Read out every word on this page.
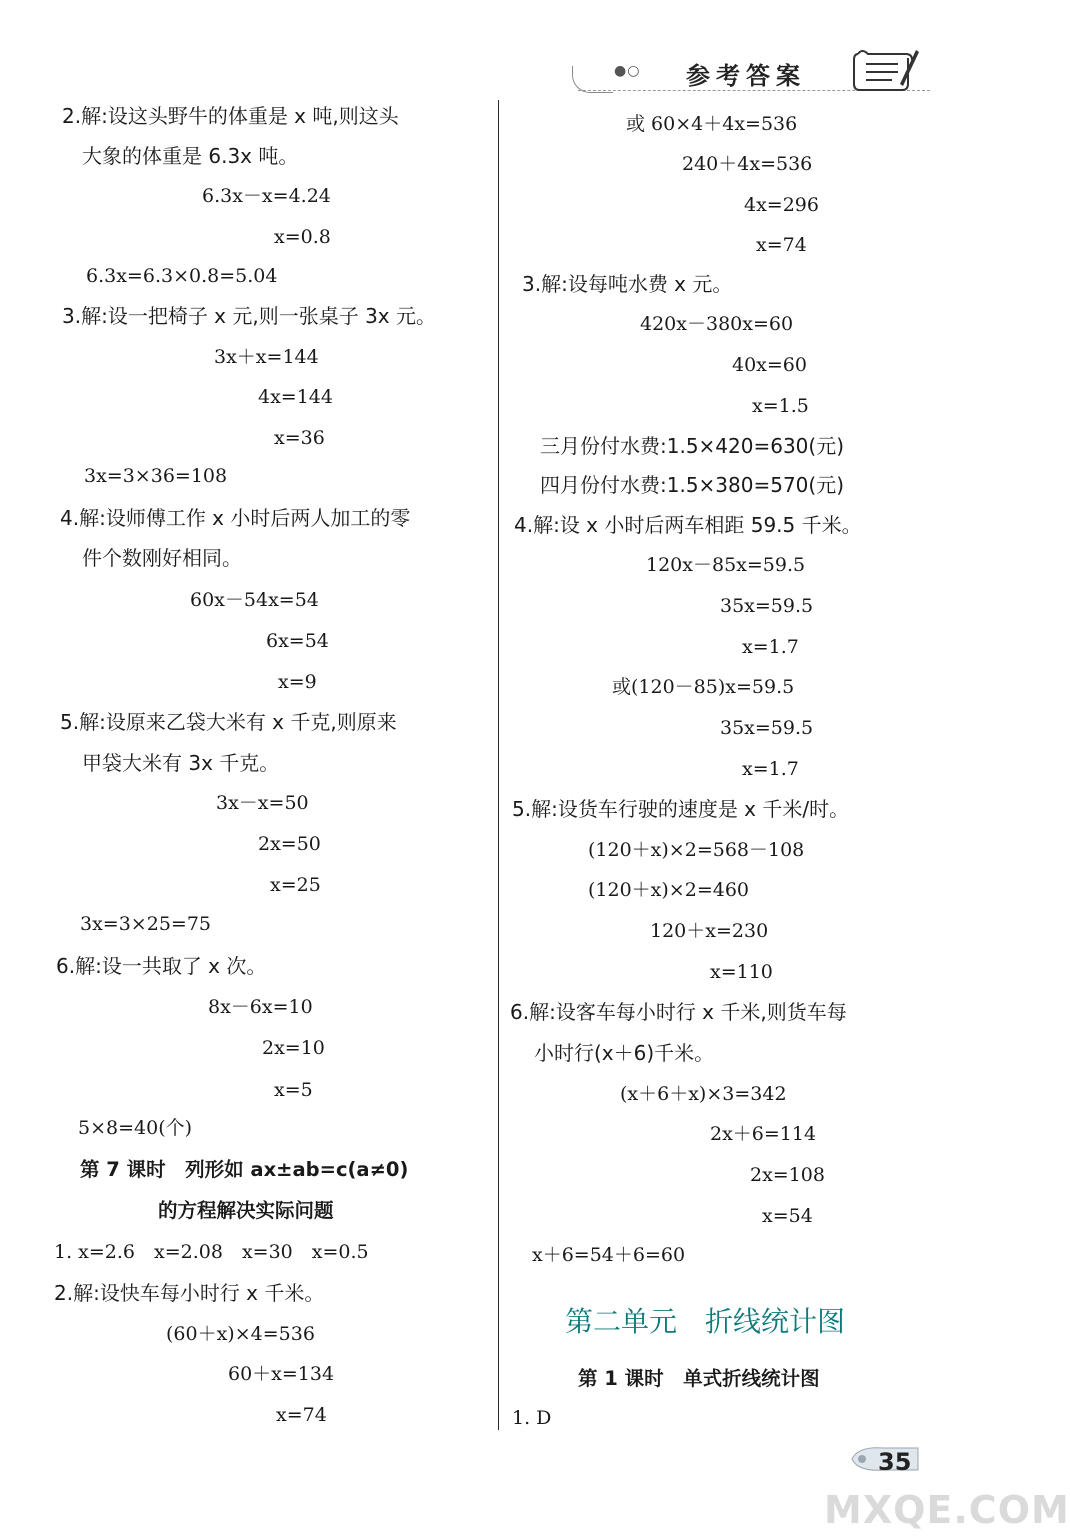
●○ 参考答案
2.解:设这头野牛的体重是 x 吨,则这头
大象的体重是 6.3x 吨。
6.3x－x=4.24
x=0.8
6.3x=6.3×0.8=5.04
3.解:设一把椅子 x 元,则一张桌子 3x 元。
3x＋x=144
4x=144
x=36
3x=3×36=108
4.解:设师傅工作 x 小时后两人加工的零
件个数刚好相同。
60x－54x=54
6x=54
x=9
5.解:设原来乙袋大米有 x 千克,则原来
甲袋大米有 3x 千克。
3x－x=50
2x=50
x=25
3x=3×25=75
6.解:设一共取了 x 次。
8x－6x=10
2x=10
x=5
5×8=40(个)
第 7 课时　列形如 ax±ab=c(a≠0)
的方程解决实际问题
1. x=2.6　x=2.08　x=30　x=0.5
2.解:设快车每小时行 x 千米。
(60＋x)×4=536
60＋x=134
x=74
或 60×4＋4x=536
240＋4x=536
4x=296
x=74
3.解:设每吨水费 x 元。
420x－380x=60
40x=60
x=1.5
三月份付水费:1.5×420=630(元)
四月份付水费:1.5×380=570(元)
4.解:设 x 小时后两车相距 59.5 千米。
120x－85x=59.5
35x=59.5
x=1.7
或(120－85)x=59.5
35x=59.5
x=1.7
5.解:设货车行驶的速度是 x 千米/时。
(120＋x)×2=568－108
(120＋x)×2=460
120＋x=230
x=110
6.解:设客车每小时行 x 千米,则货车每
小时行(x＋6)千米。
(x＋6＋x)×3=342
2x＋6=114
2x=108
x=54
x＋6=54＋6=60
第二单元　折线统计图
第 1 课时　单式折线统计图
1. D
35
MXQE.COM
